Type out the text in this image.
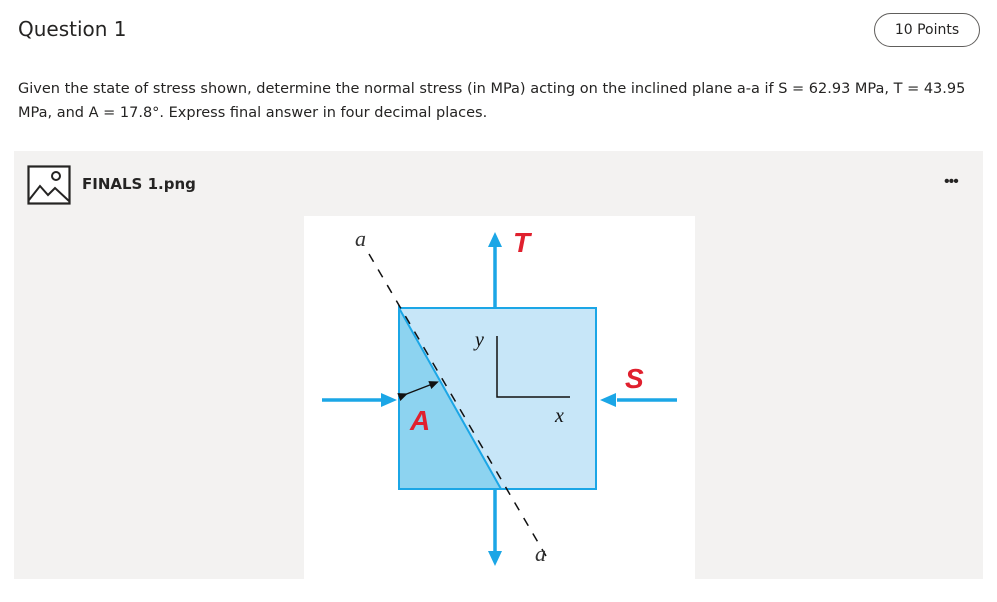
Question 1	10 Points
Given the state of stress shown, determine the normal stress (in MPa) acting on the inclined plane a-a if S = 62.93 MPa, T = 43.95
MPa, and A = 17.8°. Express final answer in four decimal places.
FINALS 1.png	•••
a
a
T
S
A
y
x
